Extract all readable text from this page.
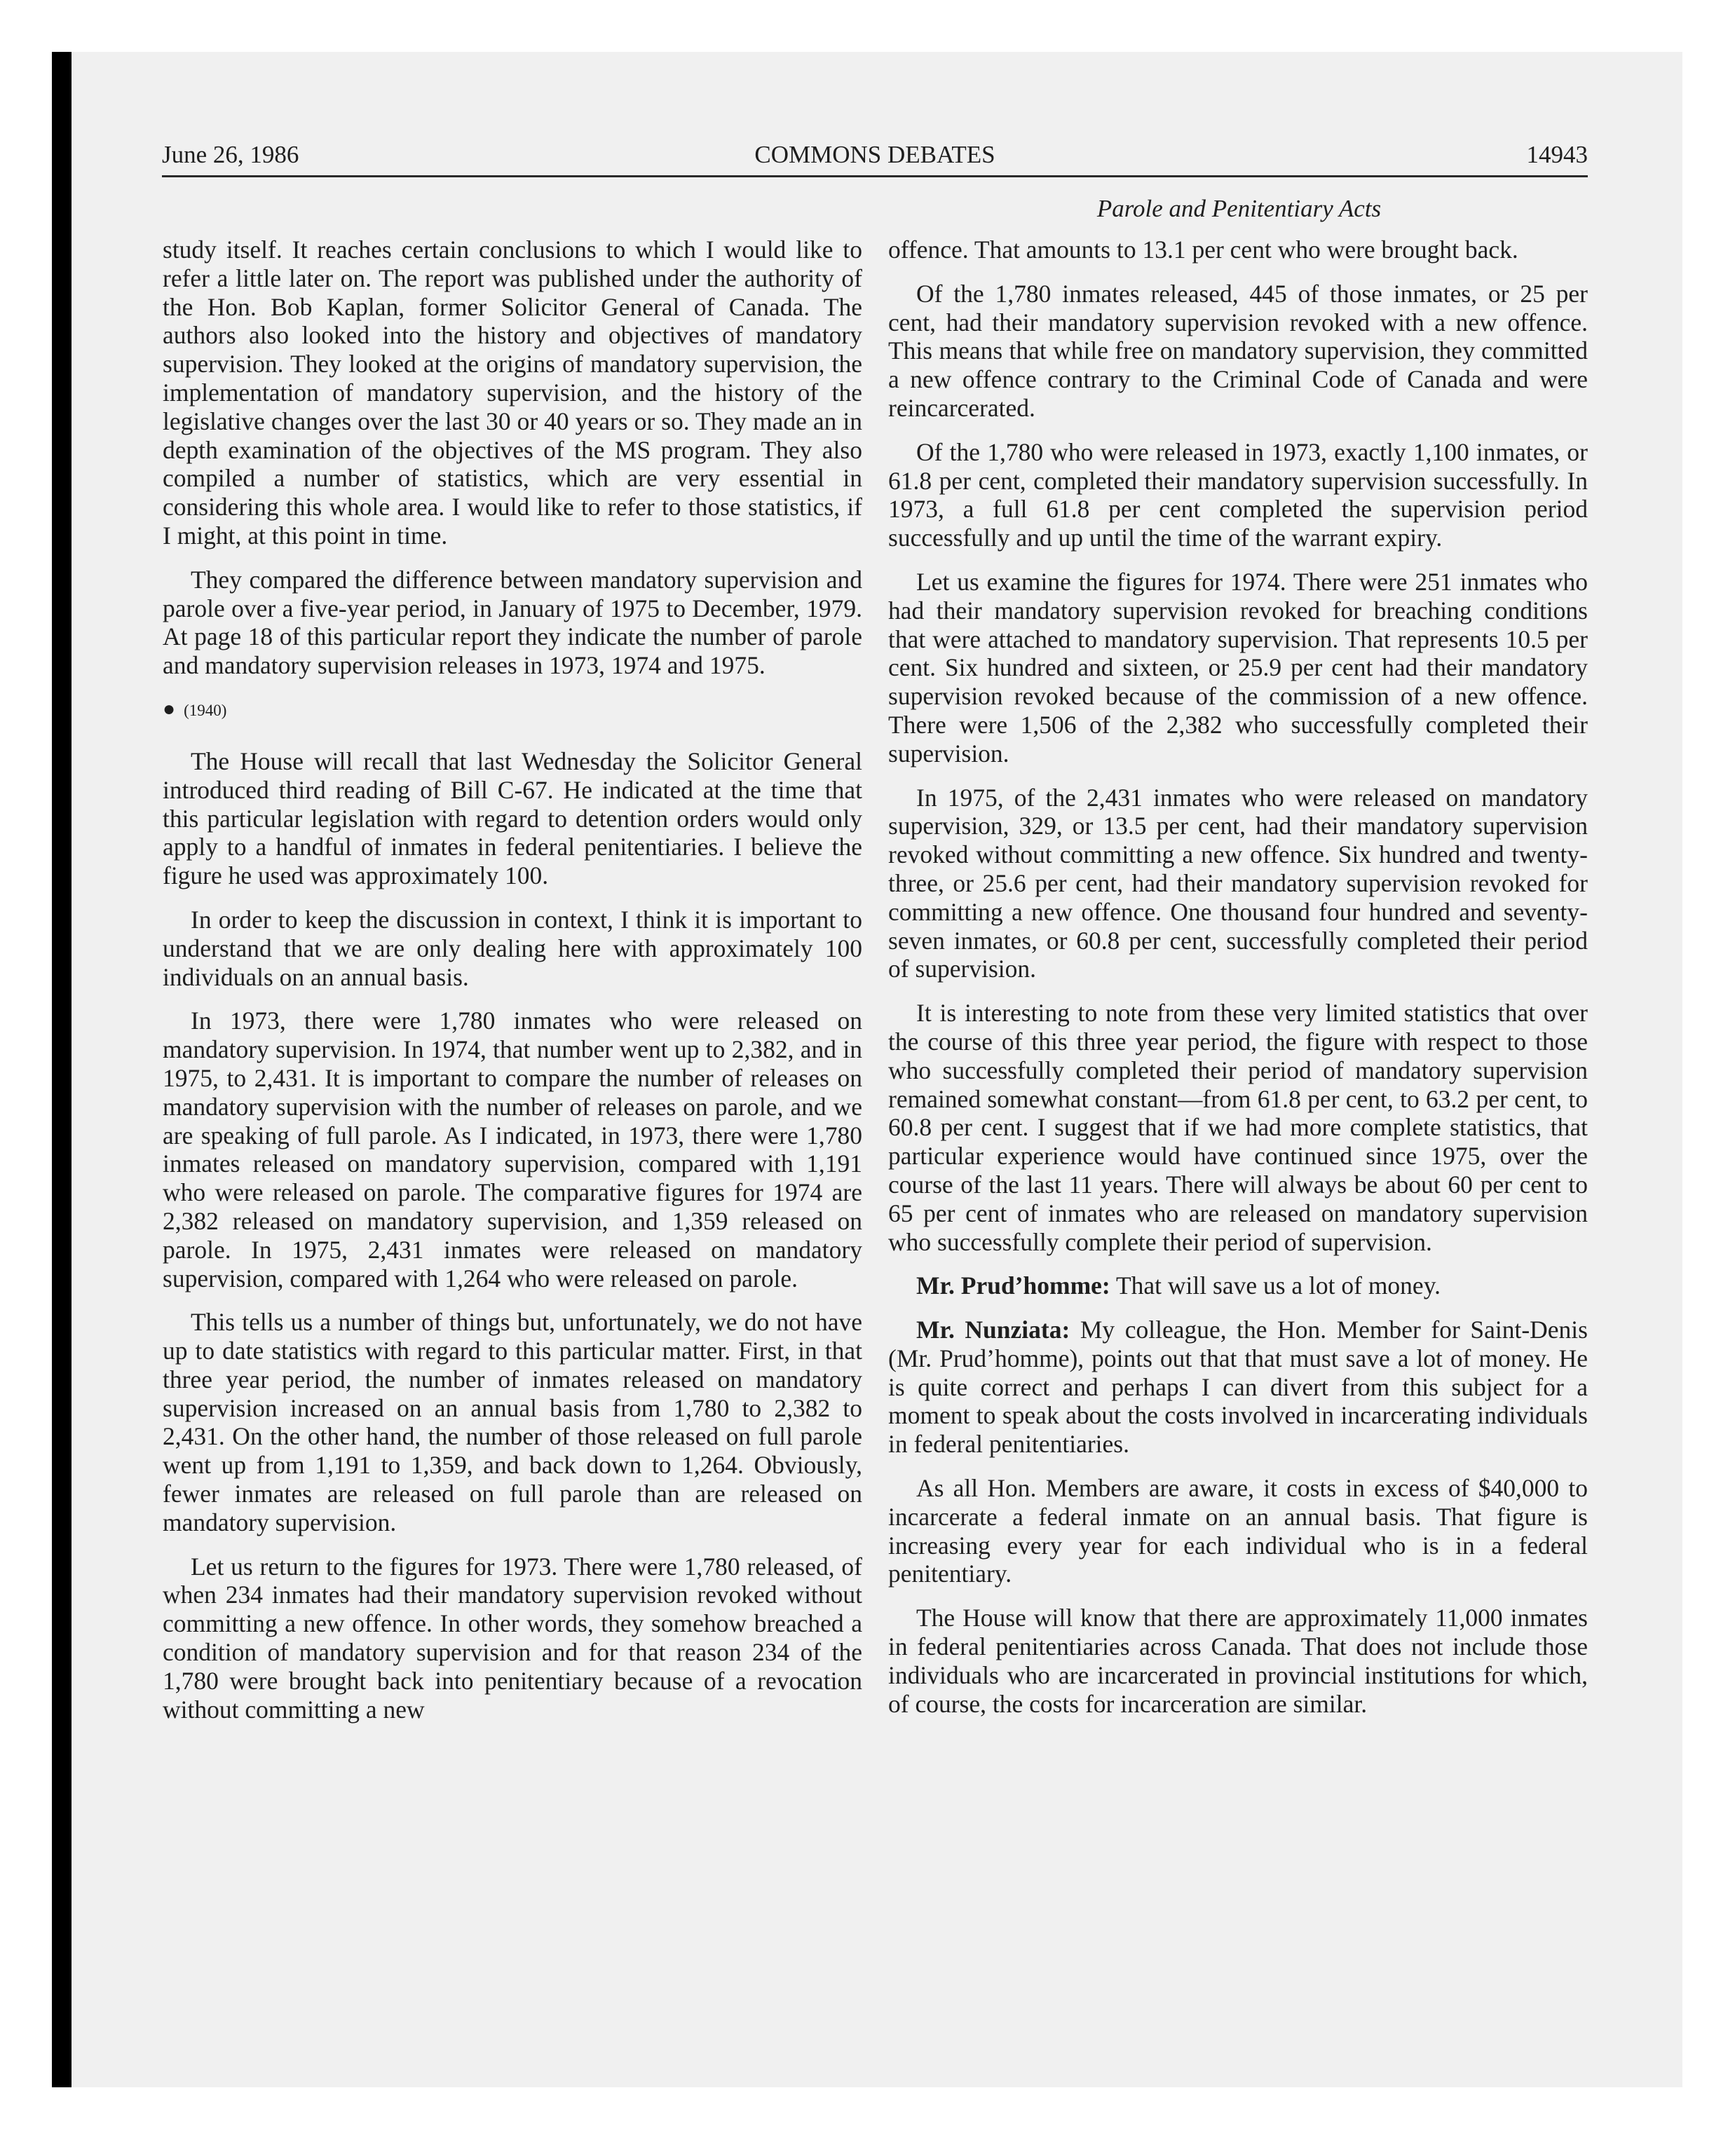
June 26, 1986	COMMONS DEBATES	14943
Parole and Penitentiary Acts

study itself. It reaches certain conclusions to which I would like to refer a little later on. The report was published under the authority of the Hon. Bob Kaplan, former Solicitor General of Canada. The authors also looked into the history and objectives of mandatory supervision. They looked at the origins of mandatory supervision, the implementation of mandatory supervision, and the history of the legislative changes over the last 30 or 40 years or so. They made an in depth examination of the objectives of the MS program. They also compiled a number of statistics, which are very essential in considering this whole area. I would like to refer to those statistics, if I might, at this point in time.

They compared the difference between mandatory supervision and parole over a five-year period, in January of 1975 to December, 1979. At page 18 of this particular report they indicate the number of parole and mandatory supervision releases in 1973, 1974 and 1975.

● (1940)

The House will recall that last Wednesday the Solicitor General introduced third reading of Bill C-67. He indicated at the time that this particular legislation with regard to detention orders would only apply to a handful of inmates in federal penitentiaries. I believe the figure he used was approximately 100.

In order to keep the discussion in context, I think it is important to understand that we are only dealing here with approximately 100 individuals on an annual basis.

In 1973, there were 1,780 inmates who were released on mandatory supervision. In 1974, that number went up to 2,382, and in 1975, to 2,431. It is important to compare the number of releases on mandatory supervision with the number of releases on parole, and we are speaking of full parole. As I indicated, in 1973, there were 1,780 inmates released on mandatory supervision, compared with 1,191 who were released on parole. The comparative figures for 1974 are 2,382 released on mandatory supervision, and 1,359 released on parole. In 1975, 2,431 inmates were released on mandatory supervision, compared with 1,264 who were released on parole.

This tells us a number of things but, unfortunately, we do not have up to date statistics with regard to this particular matter. First, in that three year period, the number of inmates released on mandatory supervision increased on an annual basis from 1,780 to 2,382 to 2,431. On the other hand, the number of those released on full parole went up from 1,191 to 1,359, and back down to 1,264. Obviously, fewer inmates are released on full parole than are released on mandatory supervision.

Let us return to the figures for 1973. There were 1,780 released, of when 234 inmates had their mandatory supervision revoked without committing a new offence. In other words, they somehow breached a condition of mandatory supervision and for that reason 234 of the 1,780 were brought back into penitentiary because of a revocation without committing a new

offence. That amounts to 13.1 per cent who were brought back.

Of the 1,780 inmates released, 445 of those inmates, or 25 per cent, had their mandatory supervision revoked with a new offence. This means that while free on mandatory supervision, they committed a new offence contrary to the Criminal Code of Canada and were reincarcerated.

Of the 1,780 who were released in 1973, exactly 1,100 inmates, or 61.8 per cent, completed their mandatory supervision successfully. In 1973, a full 61.8 per cent completed the supervision period successfully and up until the time of the warrant expiry.

Let us examine the figures for 1974. There were 251 inmates who had their mandatory supervision revoked for breaching conditions that were attached to mandatory supervision. That represents 10.5 per cent. Six hundred and sixteen, or 25.9 per cent had their mandatory supervision revoked because of the commission of a new offence. There were 1,506 of the 2,382 who successfully completed their supervision.

In 1975, of the 2,431 inmates who were released on mandatory supervision, 329, or 13.5 per cent, had their mandatory supervision revoked without committing a new offence. Six hundred and twenty-three, or 25.6 per cent, had their mandatory supervision revoked for committing a new offence. One thousand four hundred and seventy-seven inmates, or 60.8 per cent, successfully completed their period of supervision.

It is interesting to note from these very limited statistics that over the course of this three year period, the figure with respect to those who successfully completed their period of mandatory supervision remained somewhat constant—from 61.8 per cent, to 63.2 per cent, to 60.8 per cent. I suggest that if we had more complete statistics, that particular experience would have continued since 1975, over the course of the last 11 years. There will always be about 60 per cent to 65 per cent of inmates who are released on mandatory supervision who successfully complete their period of supervision.

Mr. Prud’homme: That will save us a lot of money.

Mr. Nunziata: My colleague, the Hon. Member for Saint-Denis (Mr. Prud’homme), points out that that must save a lot of money. He is quite correct and perhaps I can divert from this subject for a moment to speak about the costs involved in incarcerating individuals in federal penitentiaries.

As all Hon. Members are aware, it costs in excess of $40,000 to incarcerate a federal inmate on an annual basis. That figure is increasing every year for each individual who is in a federal penitentiary.

The House will know that there are approximately 11,000 inmates in federal penitentiaries across Canada. That does not include those individuals who are incarcerated in provincial institutions for which, of course, the costs for incarceration are similar.
